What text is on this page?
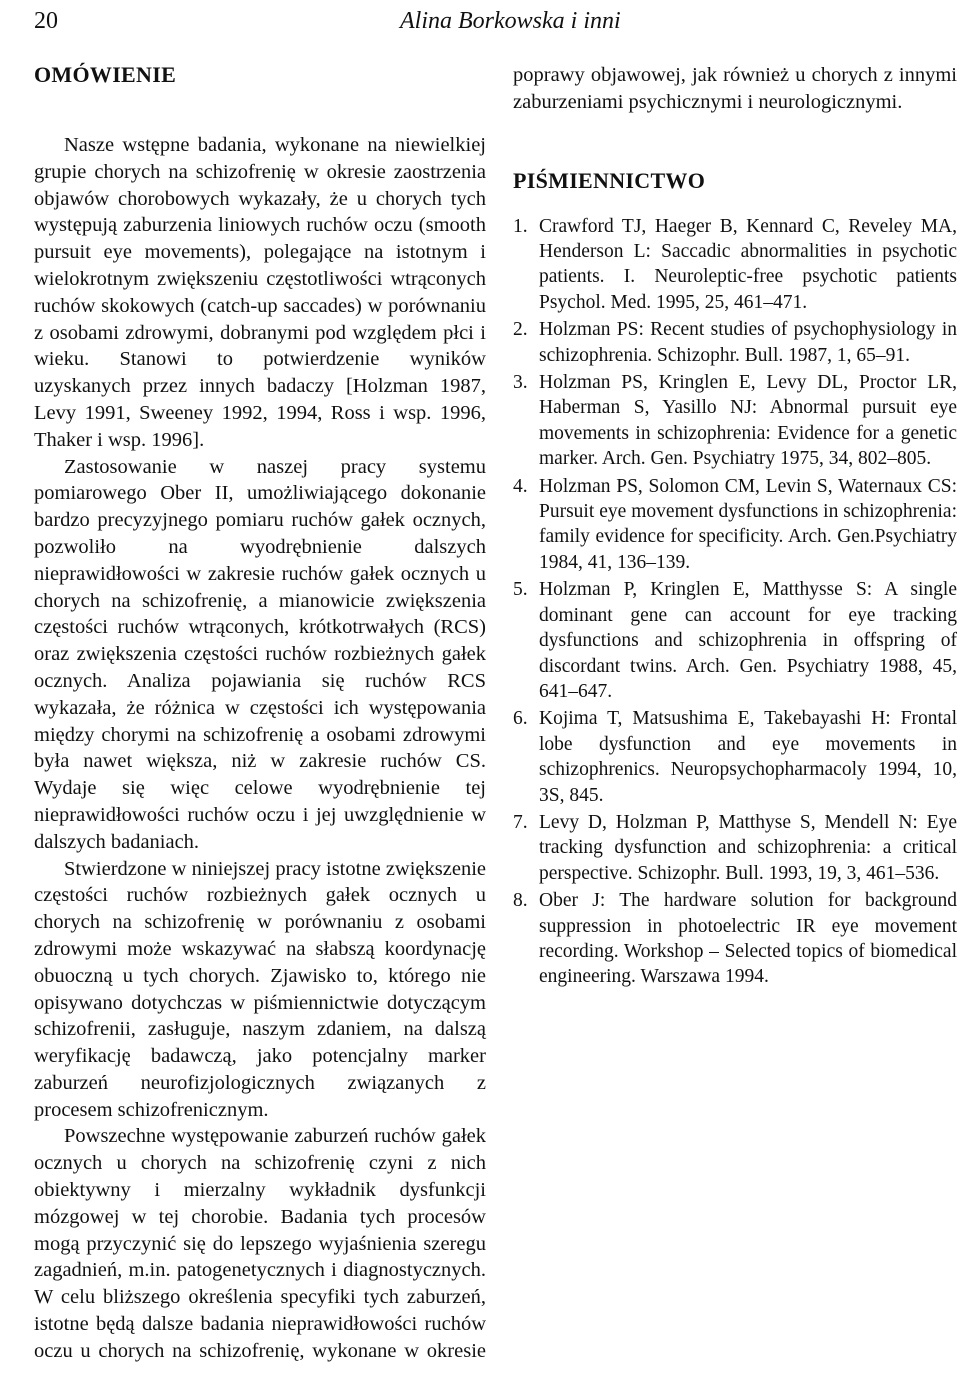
20	Alina Borkowska i inni
OMÓWIENIE

Nasze wstępne badania, wykonane na niewielkiej grupie chorych na schizofrenię w okresie zaostrzenia objawów chorobowych wykazały, że u chorych tych występują zaburzenia liniowych ruchów oczu (smooth pursuit eye movements), polegające na istotnym i wielokrotnym zwiększeniu częstotliwości wtrąconych ruchów skokowych (catch-up saccades) w porównaniu z osobami zdrowymi, dobranymi pod względem płci i wieku. Stanowi to potwierdzenie wyników uzyskanych przez innych badaczy [Holzman 1987, Levy 1991, Sweeney 1992, 1994, Ross i wsp. 1996, Thaker i wsp. 1996].

Zastosowanie w naszej pracy systemu pomiarowego Ober II, umożliwiającego dokonanie bardzo precyzyjnego pomiaru ruchów gałek ocznych, pozwoliło na wyodrębnienie dalszych nieprawidłowości w zakresie ruchów gałek ocznych u chorych na schizofrenię, a mianowicie zwiększenia częstości ruchów wtrąconych, krótkotrwałych (RCS) oraz zwiększenia częstości ruchów rozbieżnych gałek ocznych. Analiza pojawiania się ruchów RCS wykazała, że różnica w częstości ich występowania między chorymi na schizofrenię a osobami zdrowymi była nawet większa, niż w zakresie ruchów CS. Wydaje się więc celowe wyodrębnienie tej nieprawidłowości ruchów oczu i jej uwzględnienie w dalszych badaniach.

Stwierdzone w niniejszej pracy istotne zwiększenie częstości ruchów rozbieżnych gałek ocznych u chorych na schizofrenię w porównaniu z osobami zdrowymi może wskazywać na słabszą koordynację obuoczną u tych chorych. Zjawisko to, którego nie opisywano dotychczas w piśmiennictwie dotyczącym schizofrenii, zasługuje, naszym zdaniem, na dalszą weryfikację badawczą, jako potencjalny marker zaburzeń neurofizjologicznych związanych z procesem schizofrenicznym.

Powszechne występowanie zaburzeń ruchów gałek ocznych u chorych na schizofrenię czyni z nich obiektywny i mierzalny wykładnik dysfunkcji mózgowej w tej chorobie. Badania tych procesów mogą przyczynić się do lepszego wyjaśnienia szeregu zagadnień, m.in. patogenetycznych i diagnostycznych. W celu bliższego określenia specyfiki tych zaburzeń, istotne będą dalsze badania nieprawidłowości ruchów oczu u chorych na schizofrenię, wykonane w okresie

poprawy objawowej, jak również u chorych z innymi zaburzeniami psychicznymi i neurologicznymi.

PIŚMIENNICTWO
1. Crawford TJ, Haeger B, Kennard C, Reveley MA, Henderson L: Saccadic abnormalities in psychotic patients. I. Neuroleptic-free psychotic patients Psychol. Med. 1995, 25, 461–471.
2. Holzman PS: Recent studies of psychophysiology in schizophrenia. Schizophr. Bull. 1987, 1, 65–91.
3. Holzman PS, Kringlen E, Levy DL, Proctor LR, Haberman S, Yasillo NJ: Abnormal pursuit eye movements in schizophrenia: Evidence for a genetic marker. Arch. Gen. Psychiatry 1975, 34, 802–805.
4. Holzman PS, Solomon CM, Levin S, Waternaux CS: Pursuit eye movement dysfunctions in schizophrenia: family evidence for specificity. Arch. Gen.Psychiatry 1984, 41, 136–139.
5. Holzman P, Kringlen E, Matthysse S: A single dominant gene can account for eye tracking dysfunctions and schizophrenia in offspring of discordant twins. Arch. Gen. Psychiatry 1988, 45, 641–647.
6. Kojima T, Matsushima E, Takebayashi H: Frontal lobe dysfunction and eye movements in schizophrenics. Neuropsychopharmacoly 1994, 10, 3S, 845.
7. Levy D, Holzman P, Matthyse S, Mendell N: Eye tracking dysfunction and schizophrenia: a critical perspective. Schizophr. Bull. 1993, 19, 3, 461–536.
8. Ober J: The hardware solution for background suppression in photoelectric IR eye movement recording. Workshop – Selected topics of biomedical engineering. Warszawa 1994.
